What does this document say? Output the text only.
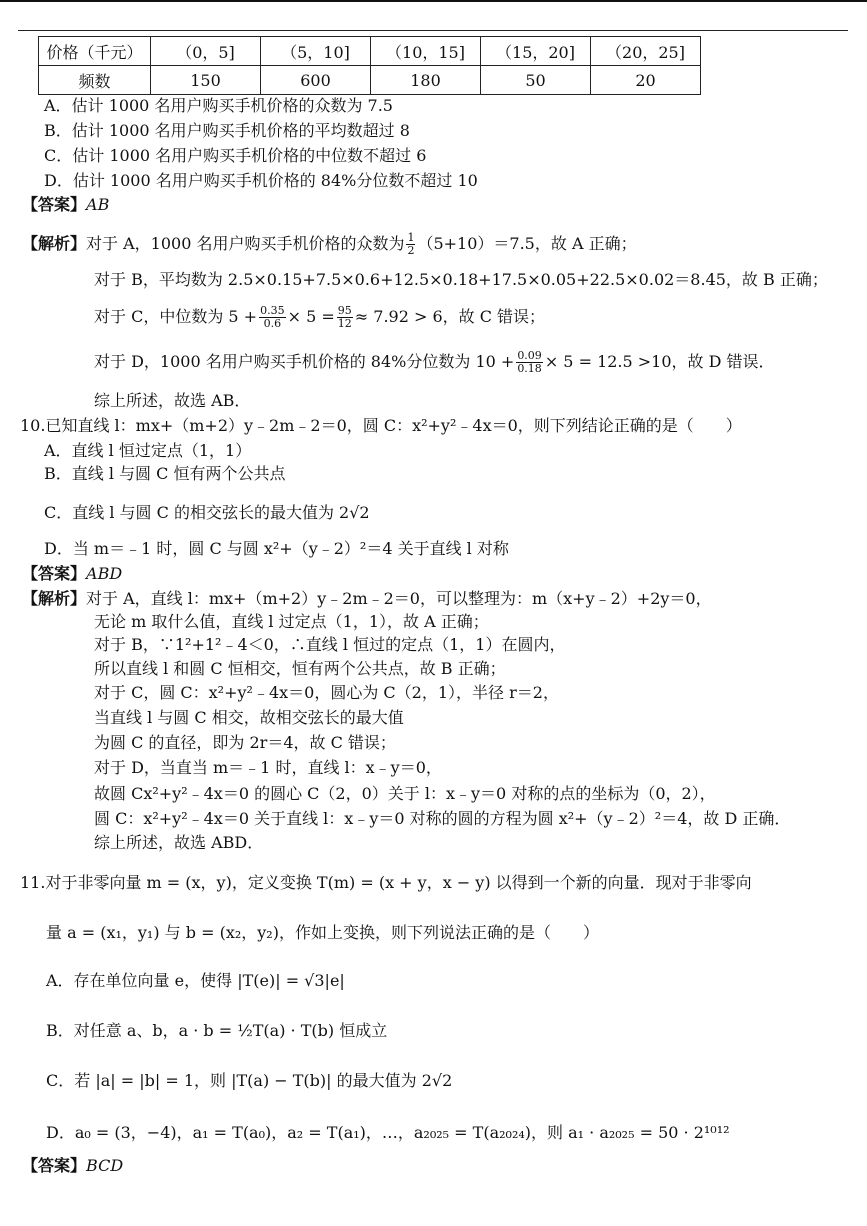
价格（千元）	（0，5]	（5，10]	（10，15]	（15，20]	（20，25]
频数	150	600	180	50	20
A．估计 1000 名用户购买手机价格的众数为 7.5
B．估计 1000 名用户购买手机价格的平均数超过 8
C．估计 1000 名用户购买手机价格的中位数不超过 6
D．估计 1000 名用户购买手机价格的 84%分位数不超过 10
【答案】AB
【解析】对于 A，1000 名用户购买手机价格的众数为 $\frac{1}{2} (5+10)=7.5$，故 A 正确；
对于 B，平均数为 2.5×0.15+7.5×0.6+12.5×0.18+17.5×0.05+22.5×0.02＝8.45，故 B 正确；
对于 C，中位数为 $5 + \frac{0.35}{0.6} \times 5 = \frac{95}{12} \approx 7.92 > 6$，故 C 错误；
对于 D，1000 名用户购买手机价格的 84%分位数为 $10 + \frac{0.09}{0.18} \times 5 = 12.5 >10$，故 D 错误．
综上所述，故选 AB．
10.已知直线 l：mx+（m+2）y﹣2m﹣2＝0，圆 C：x²+y²﹣4x＝0，则下列结论正确的是（　　）
A．直线 l 恒过定点（1，1）
B．直线 l 与圆 C 恒有两个公共点
C．直线 l 与圆 C 的相交弦长的最大值为 2√2
D．当 m＝﹣1 时，圆 C 与圆 x²+（y﹣2）²＝4 关于直线 l 对称
【答案】ABD
【解析】对于 A，直线 l：mx+（m+2）y﹣2m﹣2＝0，可以整理为：m（x+y﹣2）+2y＝0，
无论 m 取什么值，直线 l 过定点（1，1），故 A 正确；
对于 B，∵1²+1²﹣4＜0，∴直线 l 恒过的定点（1，1）在圆内，
所以直线 l 和圆 C 恒相交，恒有两个公共点，故 B 正确；
对于 C，圆 C：x²+y²﹣4x＝0，圆心为 C（2，1），半径 r＝2，
当直线 l 与圆 C 相交，故相交弦长的最大值
为圆 C 的直径，即为 2r＝4，故 C 错误；
对于 D，当直当 m＝﹣1 时，直线 l：x﹣y＝0，
故圆 Cx²+y²﹣4x＝0 的圆心 C（2，0）关于 l：x﹣y＝0 对称的点的坐标为（0，2），
圆 C：x²+y²﹣4x＝0 关于直线 l：x﹣y＝0 对称的圆的方程为圆 x²+（y﹣2）²＝4，故 D 正确．
综上所述，故选 ABD．
11.对于非零向量 m = (x，y)，定义变换 T(m) = (x + y，x − y) 以得到一个新的向量．现对于非零向
量 a = (x₁，y₁) 与 b = (x₂，y₂)，作如上变换，则下列说法正确的是（　　）
A．存在单位向量 e，使得 |T(e)| = √3|e|
B．对任意 a、b，a · b = ½T(a) · T(b) 恒成立
C．若 |a| = |b| = 1，则 |T(a) − T(b)| 的最大值为 2√2
D．a₀ = (3，−4)，a₁ = T(a₀)，a₂ = T(a₁)，…，a₂₀₂₅ = T(a₂₀₂₄)，则 a₁ · a₂₀₂₅ = 50 · 2¹⁰¹²
【答案】BCD
